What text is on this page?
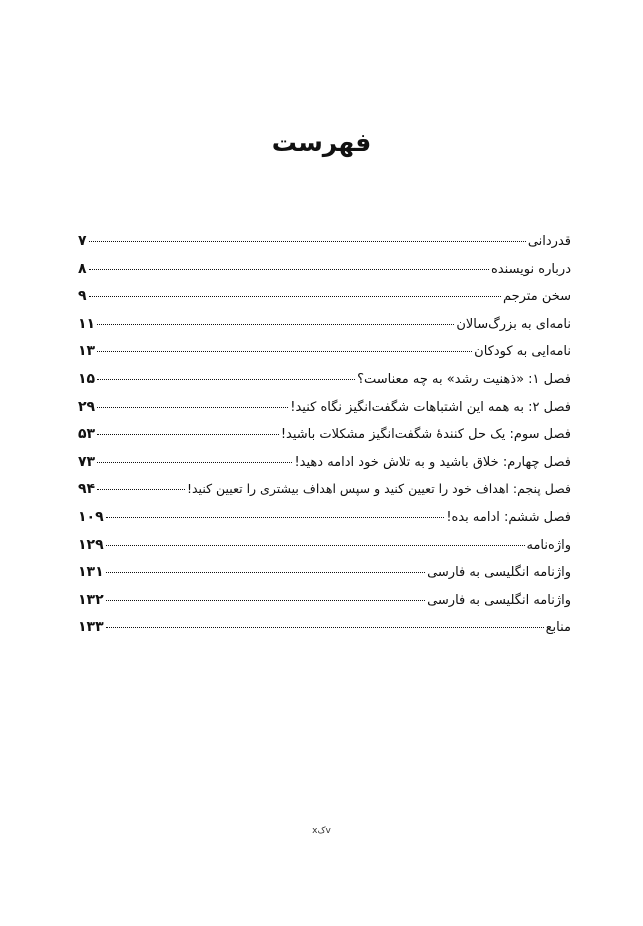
فهرست
قدردانی
۷
درباره نویسنده
۸
سخن مترجم
۹
نامه‌ای به بزرگ‌سالان
۱۱
نامه‌ایی به کودکان
۱۳
فصل ۱: «ذهنیت رشد» به چه معناست؟
۱۵
فصل ۲: به همه این اشتباهات شگفت‌انگیز نگاه کنید!
۲۹
فصل سوم: یک حل کنندهٔ شگفت‌انگیز مشکلات باشید!
۵۳
فصل چهارم: خلاق باشید و به تلاش خود ادامه دهید!
۷۳
فصل پنجم: اهداف خود را تعیین کنید و سپس اهداف بیشتری را تعیین کنید!
۹۴
فصل ششم: ادامه بده!
۱۰۹
واژه‌نامه
۱۲۹
واژنامه انگلیسی به فارسی
۱۳۱
واژنامه انگلیسی به فارسی
۱۳۲
منابع
۱۳۳
xکv
